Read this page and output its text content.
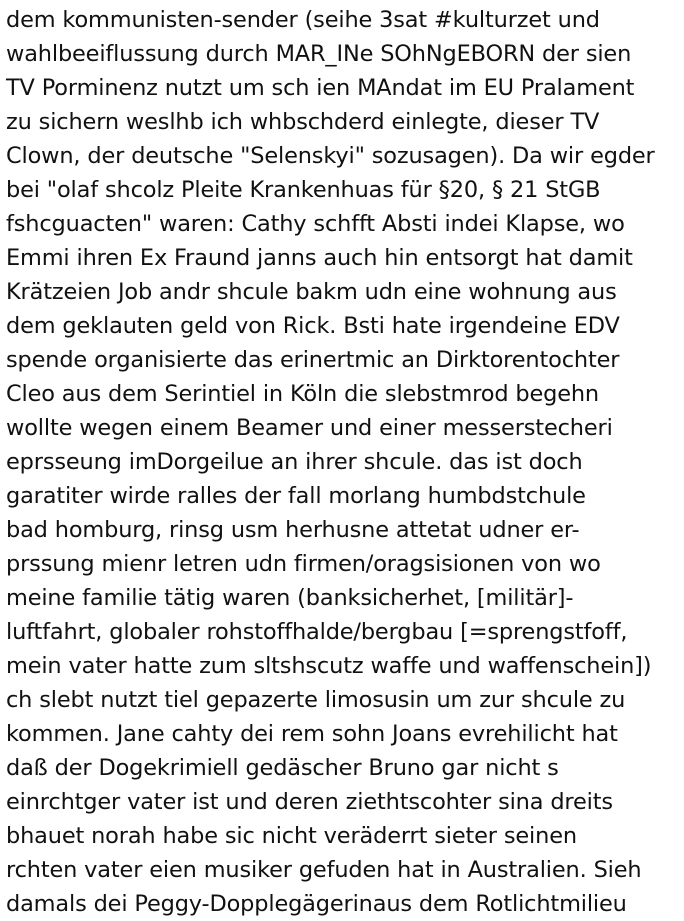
dem kommunisten-sender (seihe 3sat #kulturzet und
wahlbeeiflussung durch MAR_INe SOhNgEBORN der sien
TV Porminenz nutzt um sch ien MAndat im EU Pralament
zu sichern weslhb ich whbschderd einlegte, dieser TV
Clown, der deutsche "Selenskyi" sozusagen). Da wir egder
bei "olaf shcolz Pleite Krankenhuas für §20, § 21 StGB
fshcguacten" waren: Cathy schfft Absti indei Klapse, wo
Emmi ihren Ex Fraund janns auch hin entsorgt hat damit
Krätzeien Job andr shcule bakm udn eine wohnung aus
dem geklauten geld von Rick. Bsti hate irgendeine EDV
spende organisierte das erinertmic an Dirktorentochter
Cleo aus dem Serintiel in Köln die slebstmrod begehn
wollte wegen einem Beamer und einer messerstecheri
eprsseung imDorgeilue an ihrer shcule. das ist doch
garatiter wirde ralles der fall morlang humbdstchule
bad homburg, rinsg usm herhusne attetat udner er-
prssung mienr letren udn firmen/oragsisionen von wo
meine familie tätig waren (banksicherhet, [militär]-
luftfahrt, globaler rohstoffhalde/bergbau [=sprengstfoff,
mein vater hatte zum sltshscutz waffe und waffenschein])
ch slebt nutzt tiel gepazerte limosusin um zur shcule zu
kommen. Jane cahty dei rem sohn Joans evrehilicht hat
daß der Dogekrimiell gedäscher Bruno gar nicht s
einrchtger vater ist und deren ziethtscohter sina dreits
bhauet norah habe sic nicht veräderrt sieter seinen
rchten vater eien musiker gefuden hat in Australien. Sieh
damals dei Peggy-Dopplegägerinaus dem Rotlichtmilieu
